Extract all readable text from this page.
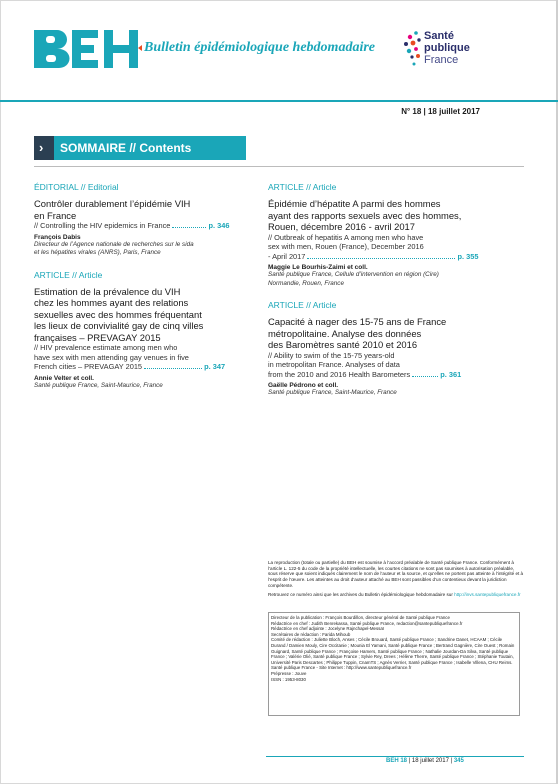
Bulletin épidémiologique hebdomadaire
Santé
publique
France
N° 18 | 18 juillet 2017
› SOMMAIRE // Contents
ÉDITORIAL // Editorial
Contrôler durablement l’épidémie VIH
en France
// Controlling the HIV epidemics in France	p. 346
François Dabis
Directeur de l’Agence nationale de recherches sur le sida
et les hépatites virales (ANRS), Paris, France
ARTICLE // Article
Estimation de la prévalence du VIH
chez les hommes ayant des relations
sexuelles avec des hommes fréquentant
les lieux de convivialité gay de cinq villes
françaises – PREVAGAY 2015
// HIV prevalence estimate among men who
have sex with men attending gay venues in five
French cities – PREVAGAY 2015	p. 347
Annie Velter et coll.
Santé publique France, Saint-Maurice, France
ARTICLE // Article
Épidémie d’hépatite A parmi des hommes
ayant des rapports sexuels avec des hommes,
Rouen, décembre 2016 - avril 2017
// Outbreak of hepatitis A among men who have
sex with men, Rouen (France), December 2016
- April 2017	p. 355
Maggie Le Bourhis-Zaimi et coll.
Santé publique France, Cellule d’intervention en région (Cire)
Normandie, Rouen, France
ARTICLE // Article
Capacité à nager des 15-75 ans de France
métropolitaine. Analyse des données
des Baromètres santé 2010 et 2016
// Ability to swim of the 15-75 years-old
in metropolitan France. Analyses of data
from the 2010 and 2016 Health Barometers	p. 361
Gaëlle Pédrono et coll.
Santé publique France, Saint-Maurice, France

La reproduction (totale ou partielle) du BEH est soumise à l’accord préalable de Santé publique France. Conformément à l’article L. 122-5 du code de la propriété intellectuelle, les courtes citations ne sont pas soumises à autorisation préalable, sous réserve que soient indiqués clairement le nom de l’auteur et la source, et qu’elles ne portent pas atteinte à l’intégrité et à l’esprit de l’œuvre. Les atteintes au droit d’auteur attaché au BEH sont passibles d’un contentieux devant la juridiction compétente.

Retrouvez ce numéro ainsi que les archives du Bulletin épidémiologique hebdomadaire sur http://invs.santepubliquefrance.fr

Directeur de la publication : François Bourdillon, directeur général de Santé publique France
Rédactrice en chef : Judith Benrekassa, Santé publique France, redaction@santepubliquefrance.fr
Rédactrice en chef adjointe : Jocelyne Rajnchapel-Messaï
Secrétaires de rédaction : Farida Mihoub
Comité de rédaction : Juliette Bloch, Anses ; Cécile Brouard, Santé publique France ; Sandrine Danet, HCAAM ; Cécile Durand / Damien Mouly, Cire Occitanie ; Mounia El Yamani, Santé publique France ; Bertrand Gagnière, Cire Ouest ; Romain Guignard, Santé publique France ; Françoise Hamers, Santé publique France ; Nathalie Jourdan-Da Silva, Santé publique France ; Valérie Olié, Santé publique France ; Sylvie Rey, Drees ; Hélène Therre, Santé publique France ; Stéphanie Toutain, Université Paris Descartes ; Philippe Tuppin, CnamTS ; Agnès Verrier, Santé publique France ; Isabelle Villena, CHU Reims.
Santé publique France - Site Internet : http://www.santepubliquefrance.fr
Prépresse : Jouve
ISSN : 1953-8030
BEH 18 | 18 juillet 2017 | 345
